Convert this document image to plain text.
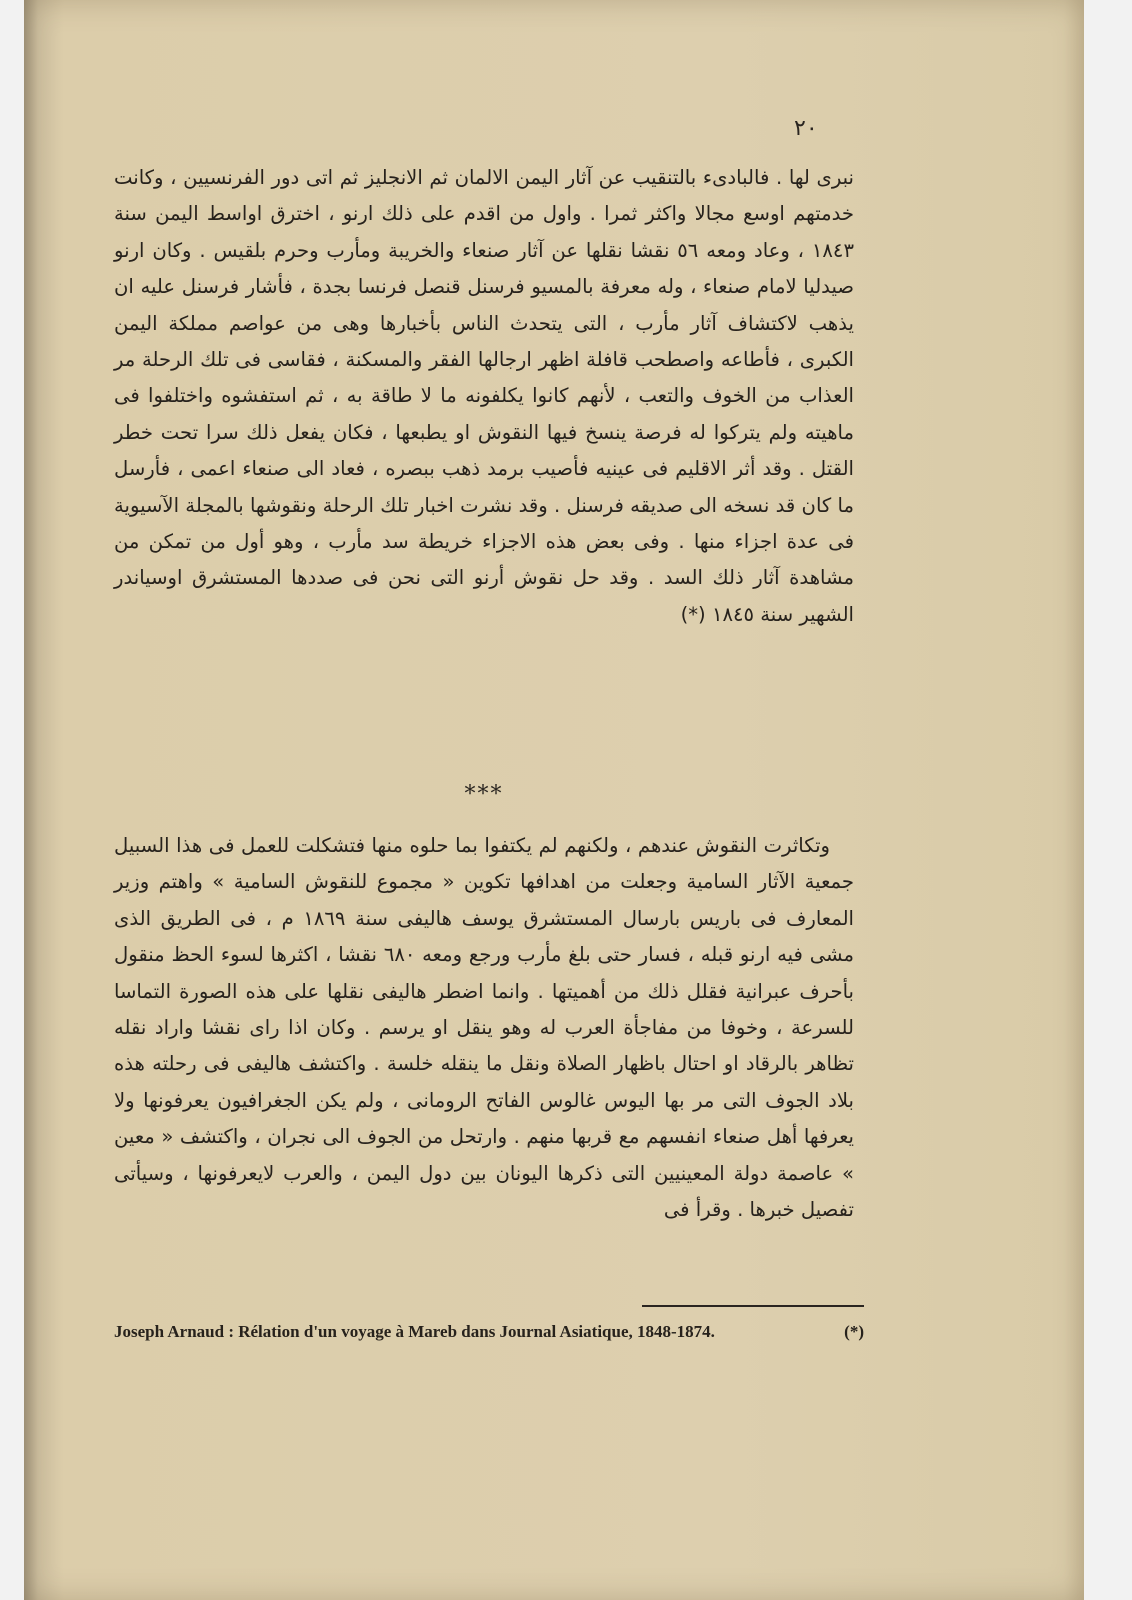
٢٠

نبرى لها . فالبادىء بالتنقيب عن آثار اليمن الالمان ثم الانجليز ثم اتى دور الفرنسيين ، وكانت خدمتهم اوسع مجالا واكثر ثمرا . واول من اقدم على ذلك ارنو ، اخترق اواسط اليمن سنة ١٨٤٣ ، وعاد ومعه ٥٦ نقشا نقلها عن آثار صنعاء والخريبة ومأرب وحرم بلقيس . وكان ارنو صيدليا لامام صنعاء ، وله معرفة بالمسيو فرسنل قنصل فرنسا بجدة ، فأشار فرسنل عليه ان يذهب لاكتشاف آثار مأرب ، التى يتحدث الناس بأخبارها وهى من عواصم مملكة اليمن الكبرى ، فأطاعه واصطحب قافلة اظهر ارجالها الفقر والمسكنة ، فقاسى فى تلك الرحلة مر العذاب من الخوف والتعب ، لأنهم كانوا يكلفونه ما لا طاقة به ، ثم استفشوه واختلفوا فى ماهيته ولم يتركوا له فرصة ينسخ فيها النقوش او يطبعها ، فكان يفعل ذلك سرا تحت خطر القتل . وقد أثر الاقليم فى عينيه فأصيب برمد ذهب ببصره ، فعاد الى صنعاء اعمى ، فأرسل ما كان قد نسخه الى صديقه فرسنل . وقد نشرت اخبار تلك الرحلة ونقوشها بالمجلة الآسيوية فى عدة اجزاء منها . وفى بعض هذه الاجزاء خريطة سد مأرب ، وهو أول من تمكن من مشاهدة آثار ذلك السد . وقد حل نقوش أرنو التى نحن فى صددها المستشرق اوسياندر الشهير سنة ١٨٤٥ (*)

***

وتكاثرت النقوش عندهم ، ولكنهم لم يكتفوا بما حلوه منها فتشكلت للعمل فى هذا السبيل جمعية الآثار السامية وجعلت من اهدافها تكوين « مجموع للنقوش السامية » واهتم وزير المعارف فى باريس بارسال المستشرق يوسف هاليفى سنة ١٨٦٩ م ، فى الطريق الذى مشى فيه ارنو قبله ، فسار حتى بلغ مأرب ورجع ومعه ٦٨٠ نقشا ، اكثرها لسوء الحظ منقول بأحرف عبرانية فقلل ذلك من أهميتها . وانما اضطر هاليفى نقلها على هذه الصورة التماسا للسرعة ، وخوفا من مفاجأة العرب له وهو ينقل او يرسم . وكان اذا راى نقشا واراد نقله تظاهر بالرقاد او احتال باظهار الصلاة ونقل ما ينقله خلسة . واكتشف هاليفى فى رحلته هذه بلاد الجوف التى مر بها اليوس غالوس الفاتح الرومانى ، ولم يكن الجغرافيون يعرفونها ولا يعرفها أهل صنعاء انفسهم مع قربها منهم . وارتحل من الجوف الى نجران ، واكتشف « معين » عاصمة دولة المعينيين التى ذكرها اليونان بين دول اليمن ، والعرب لايعرفونها ، وسيأتى تفصيل خبرها . وقرأ فى

(*)
Joseph Arnaud : Rélation d'un voyage à Mareb dans Journal Asiatique, 1848-1874.
